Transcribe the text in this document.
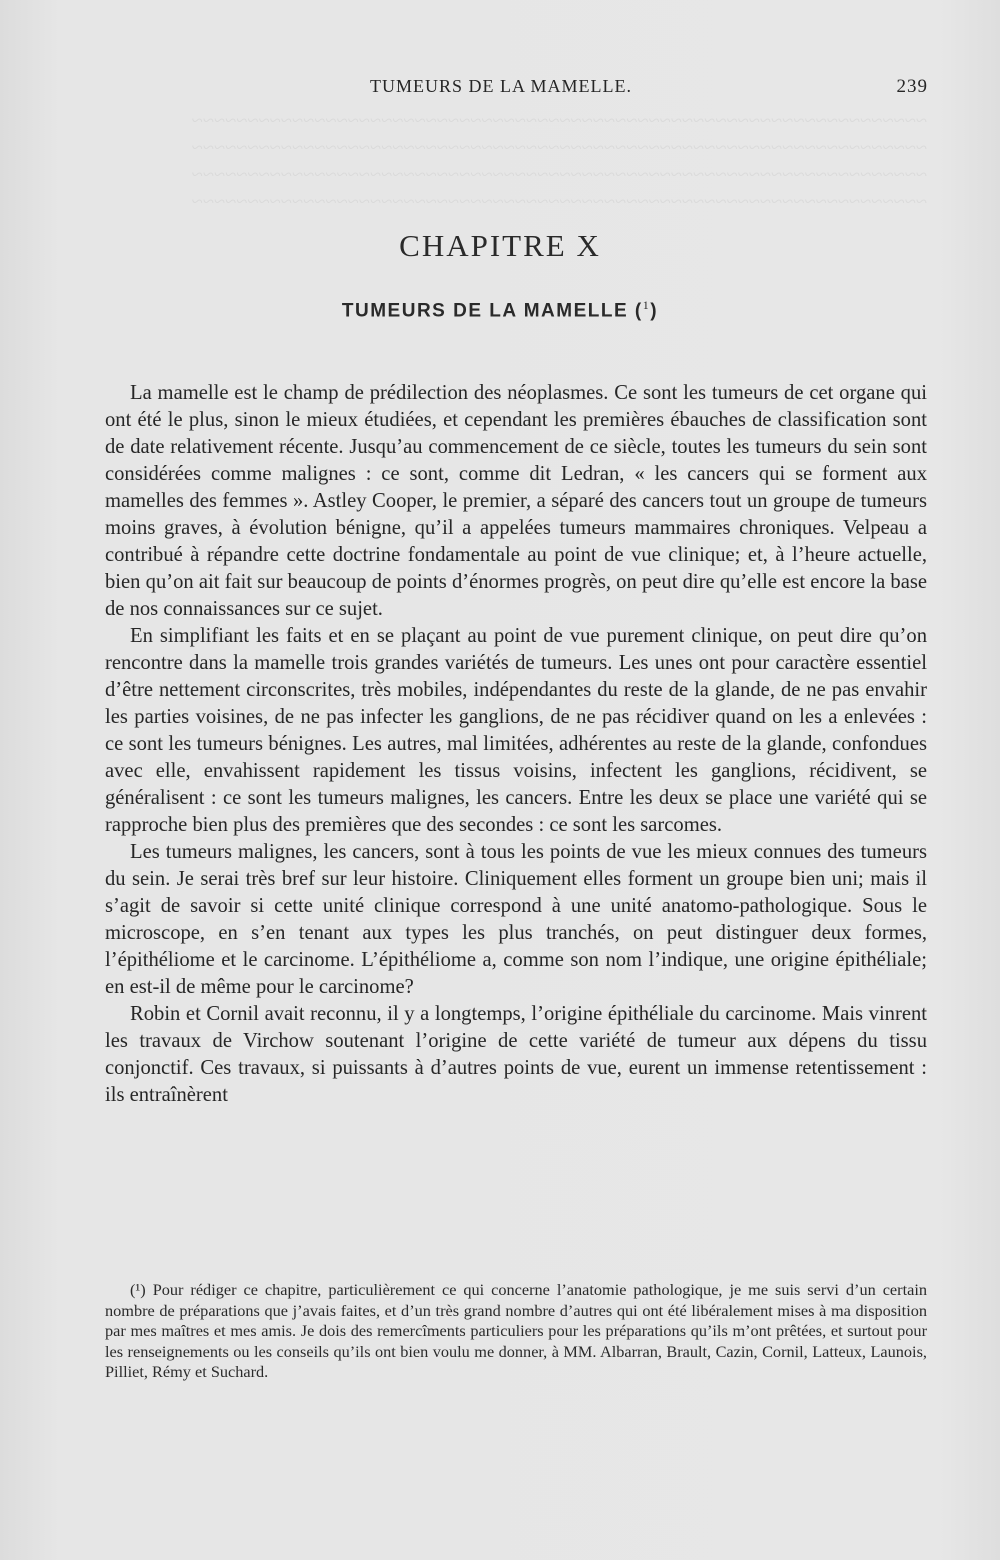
~~~~~~~~~~~~~~~~~~~~~~~~~~~~~~~~~~~~~~~~~~~~~~~~~~~~~~~~~~~~~~~~~~
~~~~~~~~~~~~~~~~~~~~~~~~~~~~~~~~~~~~~~~~~~~~~~~~~~~~~~~~~~~~~~~~~~
~~~~~~~~~~~~~~~~~~~~~~~~~~~~~~~~~~~~~~~~~~~~~~~~~~~~~~~~~~~~~~~~~~
~~~~~~~~~~~~~~~~~~~~~~~~~~~~~~~~~~~~~~~~~~~~~~~~~~~~~~~~~~~~~~~~~~
TUMEURS DE LA MAMELLE.	239
CHAPITRE X
TUMEURS DE LA MAMELLE ($^1$)

La mamelle est le champ de prédilection des néoplasmes. Ce sont les tumeurs de cet organe qui ont été le plus, sinon le mieux étudiées, et cependant les premières ébauches de classification sont de date relativement récente. Jusqu’au commencement de ce siècle, toutes les tumeurs du sein sont considérées comme malignes : ce sont, comme dit Ledran, « les cancers qui se forment aux mamelles des femmes ». Astley Cooper, le premier, a séparé des cancers tout un groupe de tumeurs moins graves, à évolution bénigne, qu’il a appelées tumeurs mammaires chroniques. Velpeau a contribué à répandre cette doctrine fondamentale au point de vue clinique; et, à l’heure actuelle, bien qu’on ait fait sur beaucoup de points d’énormes progrès, on peut dire qu’elle est encore la base de nos connaissances sur ce sujet.

En simplifiant les faits et en se plaçant au point de vue purement clinique, on peut dire qu’on rencontre dans la mamelle trois grandes variétés de tumeurs. Les unes ont pour caractère essentiel d’être nettement circonscrites, très mobiles, indépendantes du reste de la glande, de ne pas envahir les parties voisines, de ne pas infecter les ganglions, de ne pas récidiver quand on les a enlevées : ce sont les tumeurs bénignes. Les autres, mal limitées, adhérentes au reste de la glande, confondues avec elle, envahissent rapidement les tissus voisins, infectent les ganglions, récidivent, se généralisent : ce sont les tumeurs malignes, les cancers. Entre les deux se place une variété qui se rapproche bien plus des premières que des secondes : ce sont les sarcomes.

Les tumeurs malignes, les cancers, sont à tous les points de vue les mieux connues des tumeurs du sein. Je serai très bref sur leur histoire. Cliniquement elles forment un groupe bien uni; mais il s’agit de savoir si cette unité clinique correspond à une unité anatomo-pathologique. Sous le microscope, en s’en tenant aux types les plus tranchés, on peut distinguer deux formes, l’épithéliome et le carcinome. L’épithéliome a, comme son nom l’indique, une origine épithéliale; en est-il de même pour le carcinome?

Robin et Cornil avait reconnu, il y a longtemps, l’origine épithéliale du carcinome. Mais vinrent les travaux de Virchow soutenant l’origine de cette variété de tumeur aux dépens du tissu conjonctif. Ces travaux, si puissants à d’autres points de vue, eurent un immense retentissement : ils entraînèrent

(¹) Pour rédiger ce chapitre, particulièrement ce qui concerne l’anatomie pathologique, je me suis servi d’un certain nombre de préparations que j’avais faites, et d’un très grand nombre d’autres qui ont été libéralement mises à ma disposition par mes maîtres et mes amis. Je dois des remercîments particuliers pour les préparations qu’ils m’ont prêtées, et surtout pour les renseignements ou les conseils qu’ils ont bien voulu me donner, à MM. Albarran, Brault, Cazin, Cornil, Latteux, Launois, Pilliet, Rémy et Suchard.
